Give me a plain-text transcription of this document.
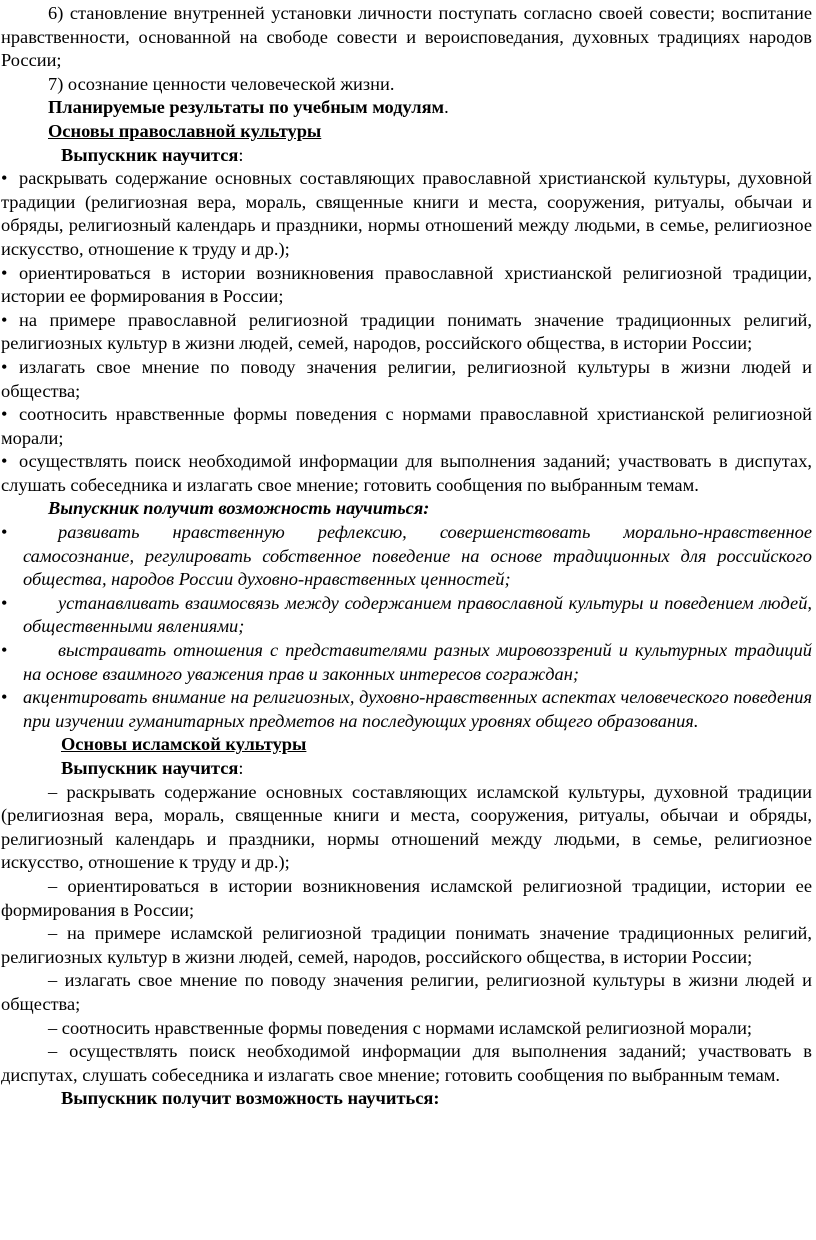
6) становление внутренней установки личности поступать согласно своей совести; воспитание нравственности, основанной на свободе совести и вероисповедания, духовных традициях народов России;

7) осознание ценности человеческой жизни.

Планируемые результаты по учебным модулям.

Основы православной культуры

Выпускник научится:

• раскрывать содержание основных составляющих православной христианской культуры, духовной традиции (религиозная вера, мораль, священные книги и места, сооружения, ритуалы, обычаи и обряды, религиозный календарь и праздники, нормы отношений между людьми, в семье, религиозное искусство, отношение к труду и др.);

• ориентироваться в истории возникновения православной христианской религиозной традиции, истории ее формирования в России;

• на примере православной религиозной традиции понимать значение традиционных религий, религиозных культур в жизни людей, семей, народов, российского общества, в истории России;

• излагать свое мнение по поводу значения религии, религиозной культуры в жизни людей и общества;

• соотносить нравственные формы поведения с нормами православной христианской религиозной морали;

• осуществлять поиск необходимой информации для выполнения заданий; участвовать в диспутах, слушать собеседника и излагать свое мнение; готовить сообщения по выбранным темам.

Выпускник получит возможность научиться:

•	развивать нравственную рефлексию, совершенствовать морально-нравственное самосознание, регулировать собственное поведение на основе традиционных для российского общества, народов России духовно-нравственных ценностей;

•	устанавливать взаимосвязь между содержанием православной культуры и поведением людей, общественными явлениями;

•	выстраивать отношения с представителями разных мировоззрений и культурных традиций на основе взаимного уважения прав и законных интересов сограждан;

• акцентировать внимание на религиозных, духовно-нравственных аспектах человеческого поведения при изучении гуманитарных предметов на последующих уровнях общего образования.

Основы исламской культуры

Выпускник научится:

– раскрывать содержание основных составляющих исламской культуры, духовной традиции (религиозная вера, мораль, священные книги и места, сооружения, ритуалы, обычаи и обряды, религиозный календарь и праздники, нормы отношений между людьми, в семье, религиозное искусство, отношение к труду и др.);

– ориентироваться в истории возникновения исламской религиозной традиции, истории ее формирования в России;

– на примере исламской религиозной традиции понимать значение традиционных религий, религиозных культур в жизни людей, семей, народов, российского общества, в истории России;

– излагать свое мнение по поводу значения религии, религиозной культуры в жизни людей и общества;

– соотносить нравственные формы поведения с нормами исламской религиозной морали;

– осуществлять поиск необходимой информации для выполнения заданий; участвовать в диспутах, слушать собеседника и излагать свое мнение; готовить сообщения по выбранным темам.

Выпускник получит возможность научиться:
